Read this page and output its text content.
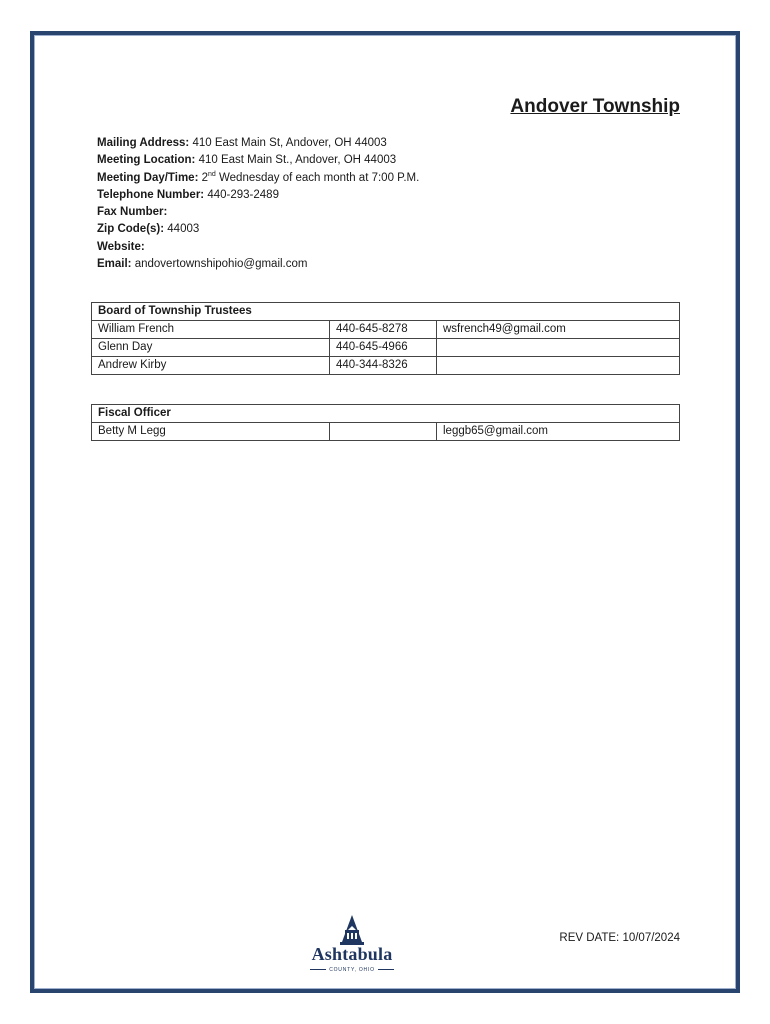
Andover Township
Mailing Address: 410 East Main St, Andover, OH 44003
Meeting Location: 410 East Main St., Andover, OH 44003
Meeting Day/Time: 2nd Wednesday of each month at 7:00 P.M.
Telephone Number: 440-293-2489
Fax Number:
Zip Code(s): 44003
Website:
Email: andovertownshipohio@gmail.com
Board of Township Trustees		
William French	440-645-8278	wsfrench49@gmail.com
Glenn Day	440-645-4966	
Andrew Kirby	440-344-8326	
Fiscal Officer
Betty M Legg		leggb65@gmail.com
Ashtabula
COUNTY, OHIO
REV DATE: 10/07/2024
